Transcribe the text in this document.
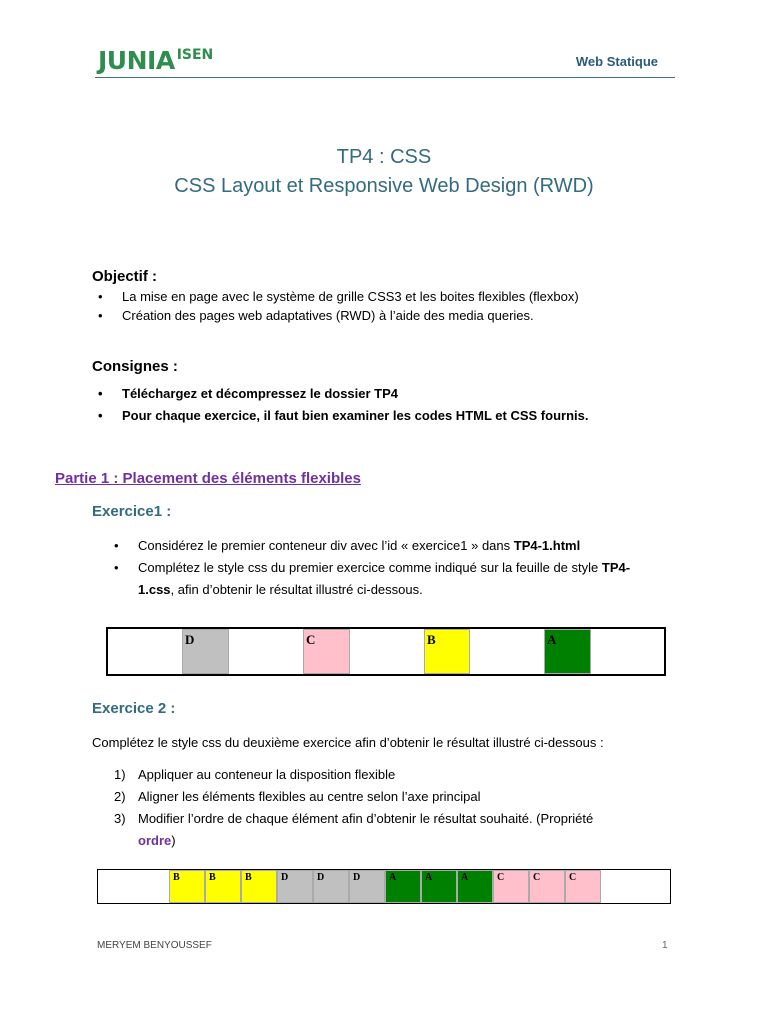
JUNIA ISEN	Web Statique
TP4 : CSS
CSS Layout et Responsive Web Design (RWD)
Objectif :
• La mise en page avec le système de grille CSS3 et les boites flexibles (flexbox)
• Création des pages web adaptatives (RWD) à l’aide des media queries.
Consignes :
• Téléchargez et décompressez le dossier TP4
• Pour chaque exercice, il faut bien examiner les codes HTML et CSS fournis.
Partie 1 : Placement des éléments flexibles
Exercice1 :
• Considérez le premier conteneur div avec l’id « exercice1 » dans TP4-1.html
• Complétez le style css du premier exercice comme indiqué sur la feuille de style TP4-
1.css, afin d’obtenir le résultat illustré ci-dessous.
D	C	B	A
Exercice 2 :
Complétez le style css du deuxième exercice afin d’obtenir le résultat illustré ci-dessous :
1) Appliquer au conteneur la disposition flexible
2) Aligner les éléments flexibles au centre selon l’axe principal
3) Modifier l’ordre de chaque élément afin d’obtenir le résultat souhaité. (Propriété
ordre)
B	B	B	D	D	D	A	A	A	C	C	C
MERYEM BENYOUSSEF	1
